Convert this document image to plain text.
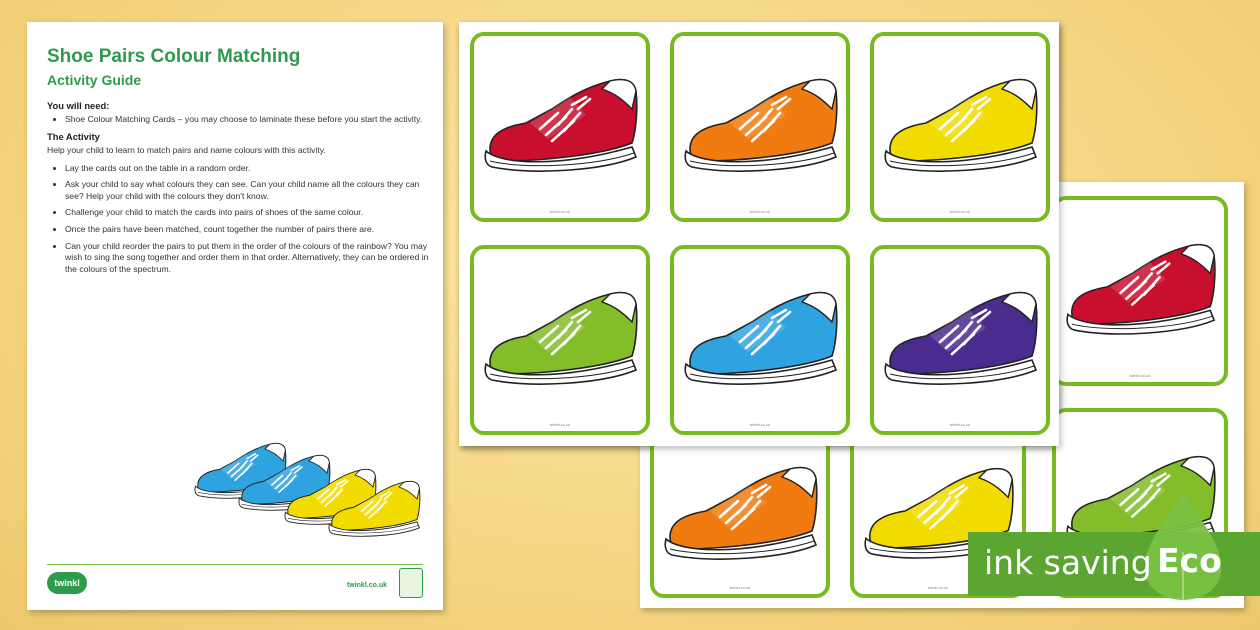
Shoe Pairs Colour Matching
Activity Guide
You will need:
• Shoe Colour Matching Cards – you may choose to laminate these before you start the activity.
The Activity

Help your child to learn to match pairs and name colours with this activity.

• Lay the cards out on the table in a random order.
• Ask your child to say what colours they can see. Can your child name all the colours they can see? Help your child with the colours they don't know.
• Challenge your child to match the cards into pairs of shoes of the same colour.
• Once the pairs have been matched, count together the number of pairs there are.
• Can your child reorder the pairs to put them in the order of the colours of the rainbow? You may wish to sing the song together and order them in that order. Alternatively, they can be ordered in the colours of the spectrum.
twinkl	twinkl.co.uk
twinkl.co.uk
twinkl.co.uk	twinkl.co.uk
twinkl.co.uk	twinkl.co.uk	twinkl.co.uk
twinkl.co.uk	twinkl.co.uk	twinkl.co.uk
ink saving Eco
